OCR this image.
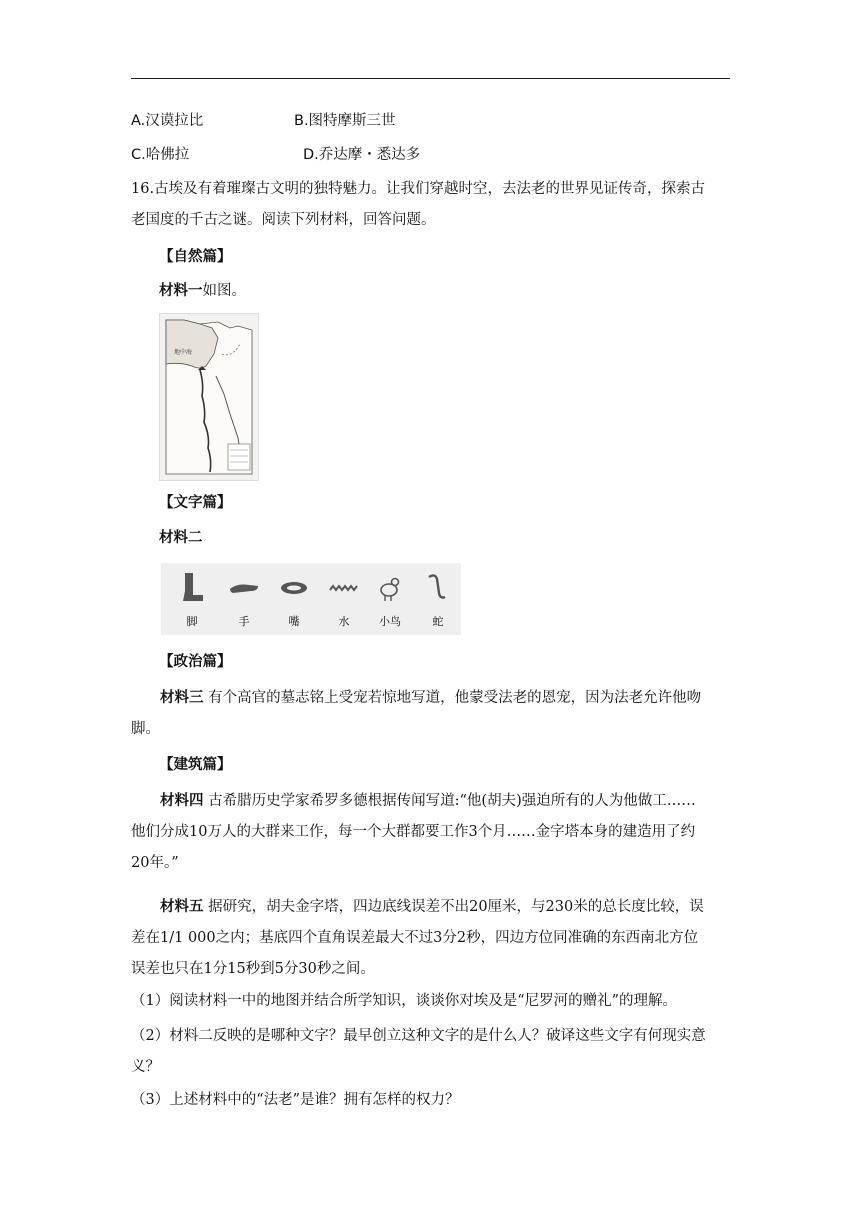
A.汉谟拉比	B.图特摩斯三世
C.哈佛拉	D.乔达摩・悉达多
16.古埃及有着璀璨古文明的独特魅力。让我们穿越时空，去法老的世界见证传奇，探索古
老国度的千古之谜。阅读下列材料，回答问题。
【自然篇】
材料一如图。
地中海
【文字篇】
材料二
脚	手	嘴	水	小鸟	蛇
【政治篇】
材料三 有个高官的墓志铭上受宠若惊地写道，他蒙受法老的恩宠，因为法老允许他吻
脚。
【建筑篇】
材料四 古希腊历史学家希罗多德根据传闻写道:“他(胡夫)强迫所有的人为他做工……
他们分成10万人的大群来工作，每一个大群都要工作3个月……金字塔本身的建造用了约
20年。”
材料五 据研究，胡夫金字塔，四边底线误差不出20厘米，与230米的总长度比较，误
差在1/1 000之内；基底四个直角误差最大不过3分2秒，四边方位同准确的东西南北方位
误差也只在1分15秒到5分30秒之间。
（1）阅读材料一中的地图并结合所学知识，谈谈你对埃及是“尼罗河的赠礼”的理解。
（2）材料二反映的是哪种文字？最早创立这种文字的是什么人？破译这些文字有何现实意
义？
（3）上述材料中的“法老”是谁？拥有怎样的权力？
